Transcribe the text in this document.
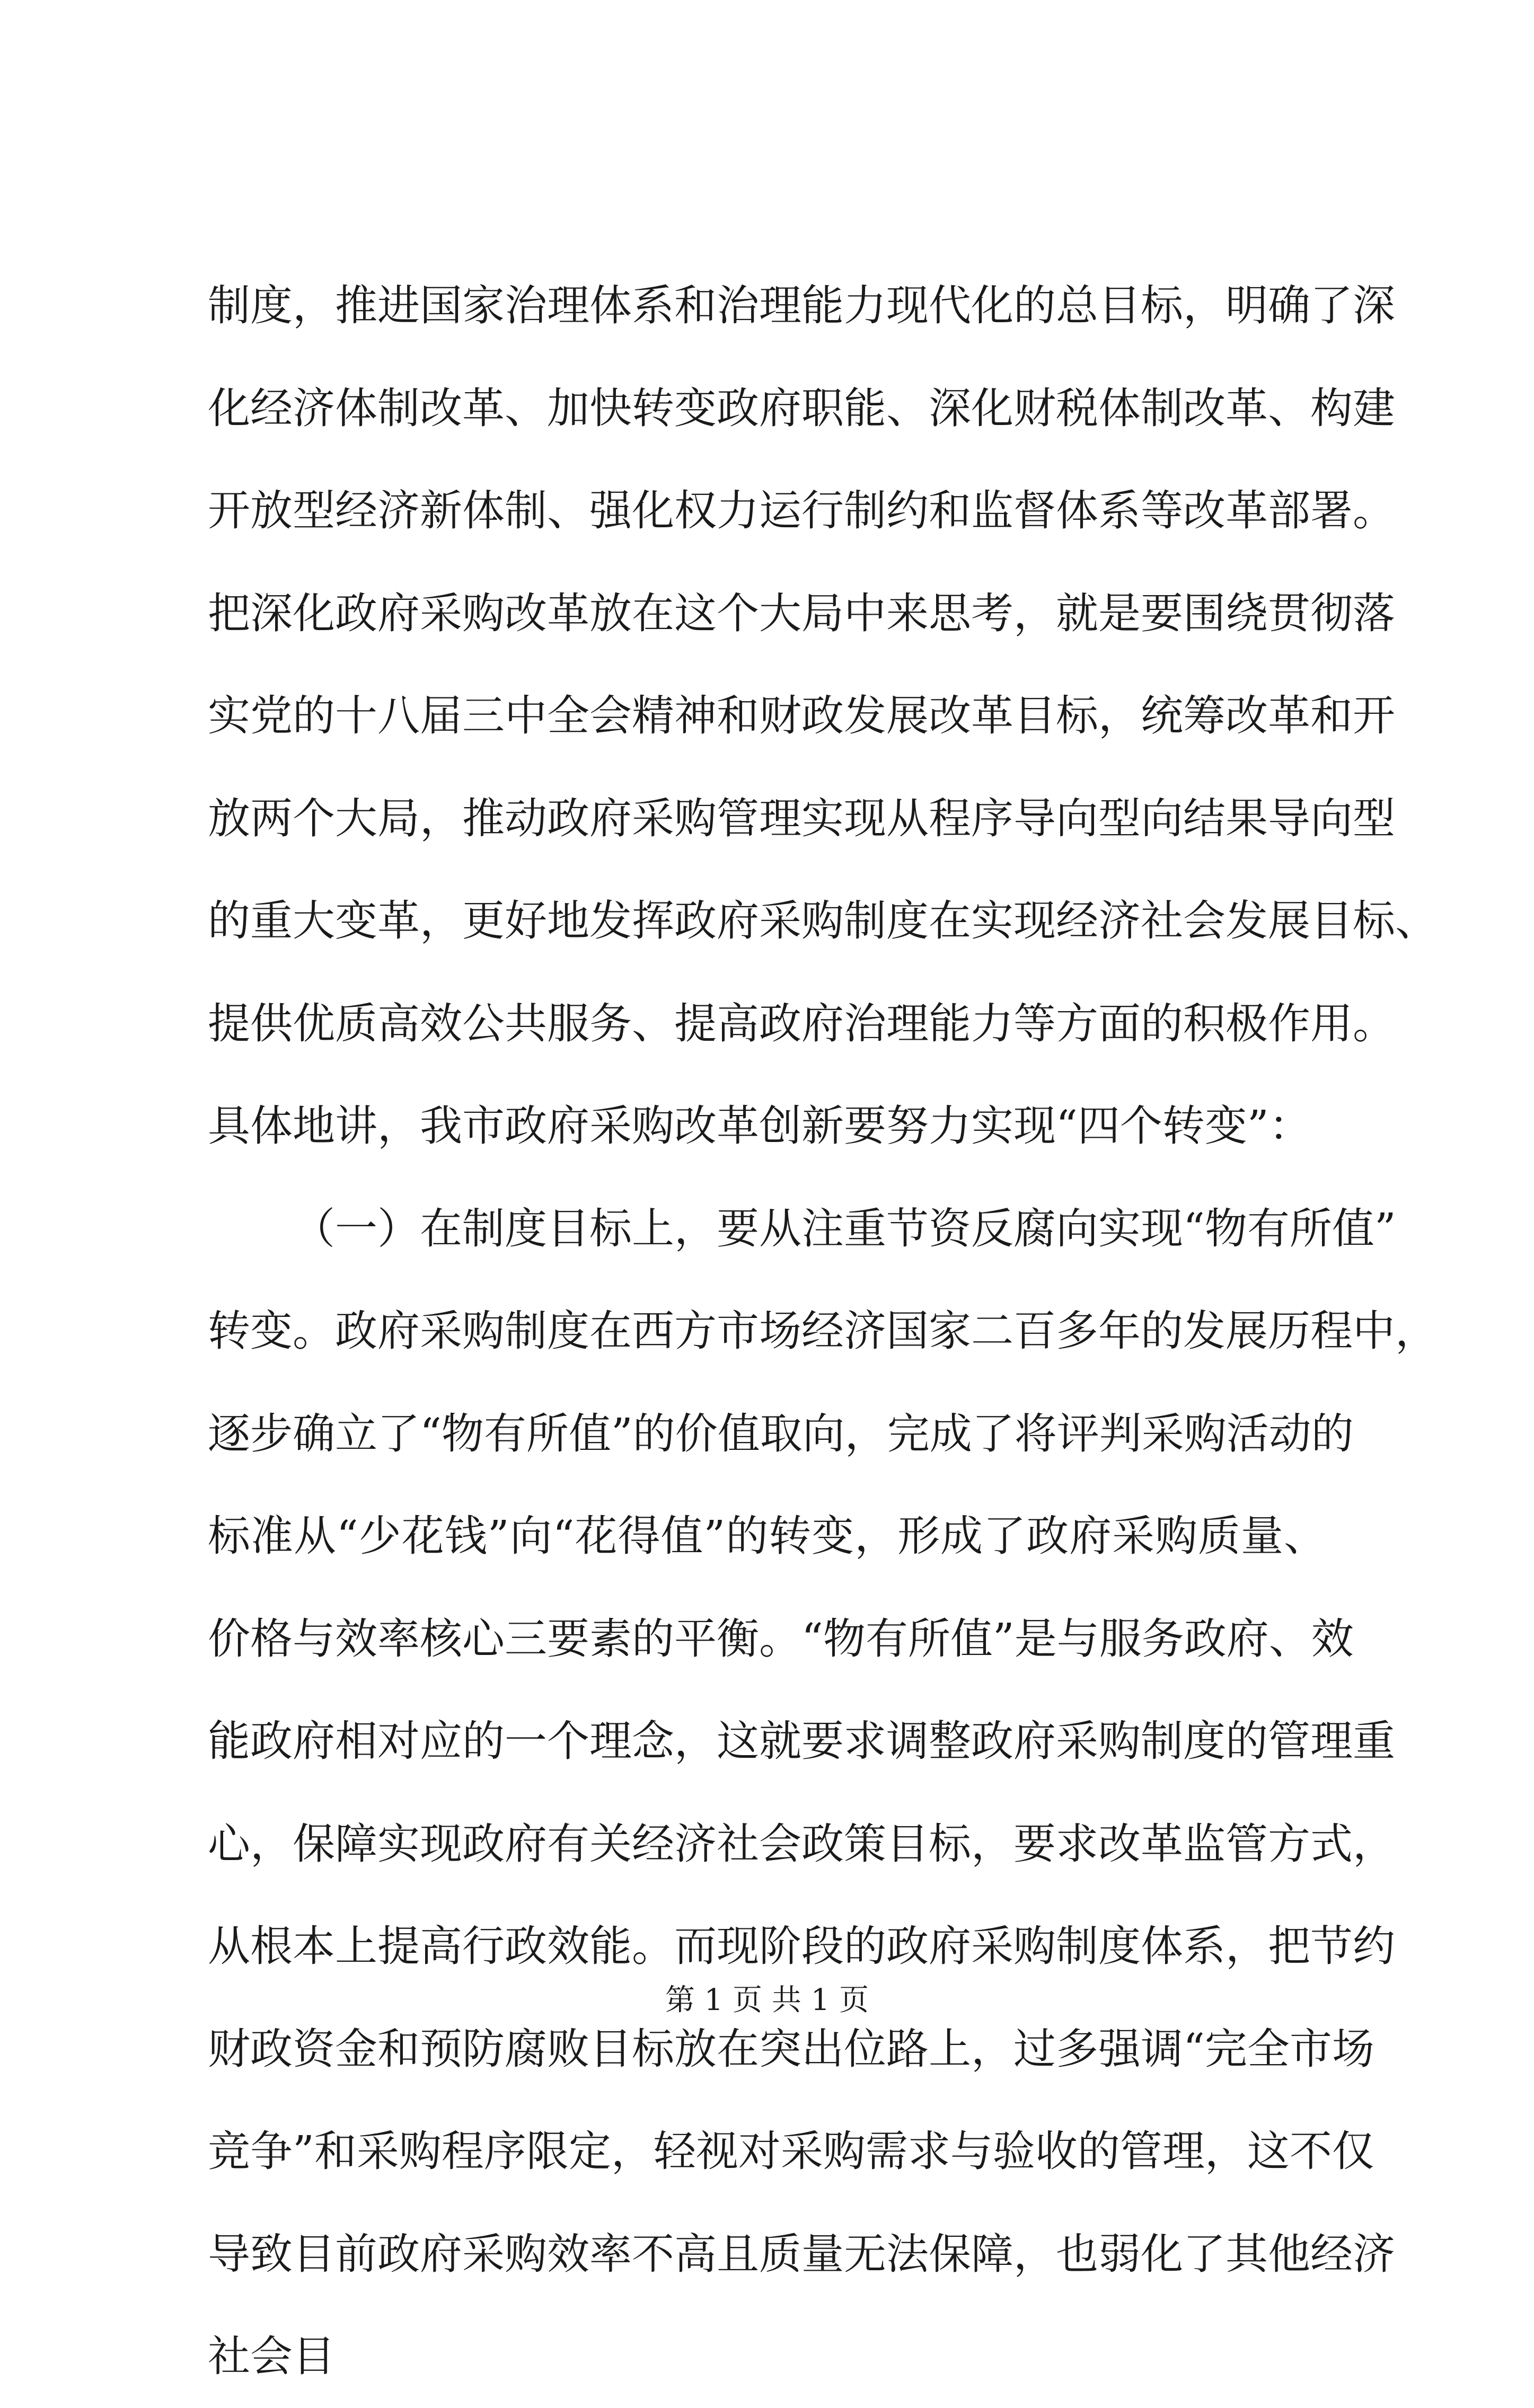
制度，推进国家治理体系和治理能力现代化的总目标，明确了深
化经济体制改革、加快转变政府职能、深化财税体制改革、构建
开放型经济新体制、强化权力运行制约和监督体系等改革部署。
把深化政府采购改革放在这个大局中来思考，就是要围绕贯彻落
实党的十八届三中全会精神和财政发展改革目标，统筹改革和开
放两个大局，推动政府采购管理实现从程序导向型向结果导向型
的重大变革，更好地发挥政府采购制度在实现经济社会发展目标、
提供优质高效公共服务、提高政府治理能力等方面的积极作用。
具体地讲，我市政府采购改革创新要努力实现“四个转变”：
（一）在制度目标上，要从注重节资反腐向实现“物有所值”
转变。政府采购制度在西方市场经济国家二百多年的发展历程中，
逐步确立了“物有所值”的价值取向，完成了将评判采购活动的
标准从“少花钱”向“花得值”的转变，形成了政府采购质量、
价格与效率核心三要素的平衡。“物有所值”是与服务政府、效
能政府相对应的一个理念，这就要求调整政府采购制度的管理重
心，保障实现政府有关经济社会政策目标，要求改革监管方式，
从根本上提高行政效能。而现阶段的政府采购制度体系，把节约
财政资金和预防腐败目标放在突出位路上，过多强调“完全市场
竞争”和采购程序限定，轻视对采购需求与验收的管理，这不仅
导致目前政府采购效率不高且质量无法保障，也弱化了其他经济
社会目
第 1 页 共 1 页
